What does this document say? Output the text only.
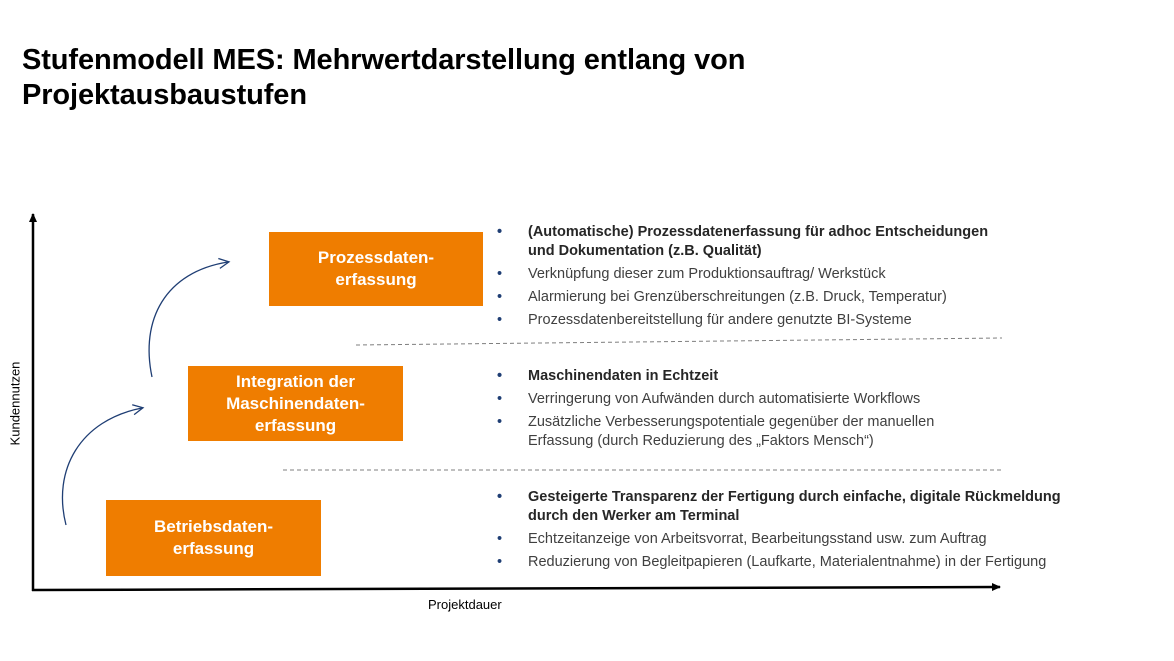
Stufenmodell MES: Mehrwertdarstellung entlang von
Projektausbaustufen
Prozessdaten-
erfassung
Integration der
Maschinendaten-
erfassung
Betriebsdaten-
erfassung
• (Automatische) Prozessdatenerfassung für adhoc Entscheidungen
und Dokumentation (z.B. Qualität)
• Verknüpfung dieser zum Produktionsauftrag/ Werkstück
• Alarmierung bei Grenzüberschreitungen (z.B. Druck, Temperatur)
• Prozessdatenbereitstellung für andere genutzte BI-Systeme
• Maschinendaten in Echtzeit
• Verringerung von Aufwänden durch automatisierte Workflows
• Zusätzliche Verbesserungspotentiale gegenüber der manuellen
Erfassung (durch Reduzierung des „Faktors Mensch“)
• Gesteigerte Transparenz der Fertigung durch einfache, digitale Rückmeldung
durch den Werker am Terminal
• Echtzeitanzeige von Arbeitsvorrat, Bearbeitungsstand usw. zum Auftrag
• Reduzierung von Begleitpapieren (Laufkarte, Materialentnahme) in der Fertigung
Projektdauer
Kundennutzen
